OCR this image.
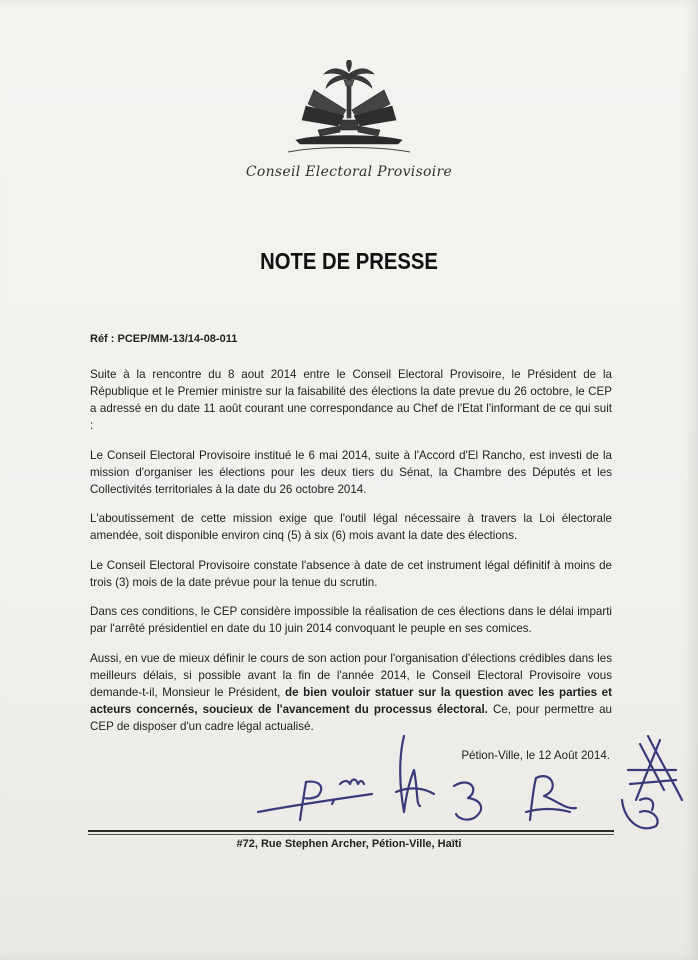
Conseil Electoral Provisoire
NOTE DE PRESSE
Réf : PCEP/MM-13/14-08-011

Suite à la rencontre du 8 aout 2014 entre le Conseil Electoral Provisoire, le Président de la République et le Premier ministre sur la faisabilité des élections la date prevue du 26 octobre, le CEP a adressé en du date 11 août courant une correspondance au Chef de l'Etat l'informant de ce qui suit :

Le Conseil Electoral Provisoire institué le 6 mai 2014, suite à l'Accord d'El Rancho, est investi de la mission d'organiser les élections pour les deux tiers du Sénat, la Chambre des Députés et les Collectivités territoriales à la date du 26 octobre 2014.

L'aboutissement de cette mission exige que l'outil légal nécessaire à travers la Loi électorale amendée, soit disponible environ cinq (5) à six (6) mois avant la date des élections.

Le Conseil Electoral Provisoire constate l'absence à date de cet instrument légal définitif à moins de trois (3) mois de la date prévue pour la tenue du scrutin.

Dans ces conditions, le CEP considère impossible la réalisation de ces élections dans le délai imparti par l'arrêté présidentiel en date du 10 juin 2014 convoquant le peuple en ses comices.

Aussi, en vue de mieux définir le cours de son action pour l'organisation d'élections crédibles dans les meilleurs délais, si possible avant la fin de l'année 2014, le Conseil Electoral Provisoire vous demande-t-il, Monsieur le Président, de bien vouloir statuer sur la question avec les parties et acteurs concernés, soucieux de l'avancement du processus électoral. Ce, pour permettre au CEP de disposer d'un cadre légal actualisé.

Pétion-Ville, le 12 Août 2014.
#72, Rue Stephen Archer, Pétion-Ville, Haïti
